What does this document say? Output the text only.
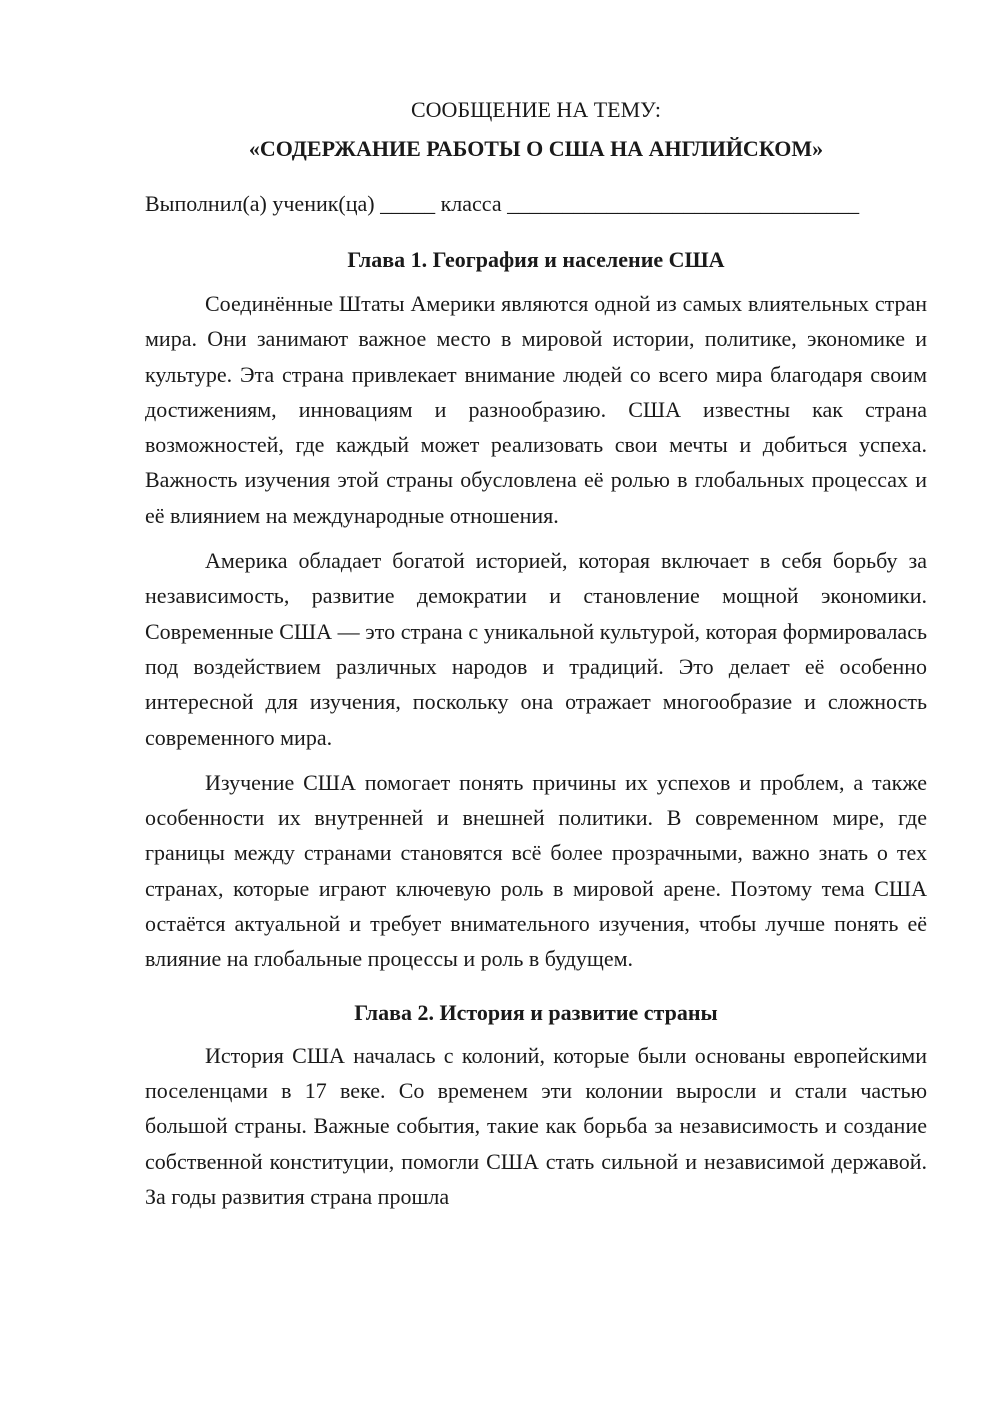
СООБЩЕНИЕ НА ТЕМУ:

«СОДЕРЖАНИЕ РАБОТЫ О США НА АНГЛИЙСКОМ»

Выполнил(а) ученик(ца) _____ класса ________________________________
Глава 1. География и население США

Соединённые Штаты Америки являются одной из самых влиятельных стран мира. Они занимают важное место в мировой истории, политике, экономике и культуре. Эта страна привлекает внимание людей со всего мира благодаря своим достижениям, инновациям и разнообразию. США известны как страна возможностей, где каждый может реализовать свои мечты и добиться успеха. Важность изучения этой страны обусловлена её ролью в глобальных процессах и её влиянием на международные отношения.

Америка обладает богатой историей, которая включает в себя борьбу за независимость, развитие демократии и становление мощной экономики. Современные США — это страна с уникальной культурой, которая формировалась под воздействием различных народов и традиций. Это делает её особенно интересной для изучения, поскольку она отражает многообразие и сложность современного мира.

Изучение США помогает понять причины их успехов и проблем, а также особенности их внутренней и внешней политики. В современном мире, где границы между странами становятся всё более прозрачными, важно знать о тех странах, которые играют ключевую роль в мировой арене. Поэтому тема США остаётся актуальной и требует внимательного изучения, чтобы лучше понять её влияние на глобальные процессы и роль в будущем.

Глава 2. История и развитие страны

История США началась с колоний, которые были основаны европейскими поселенцами в 17 веке. Со временем эти колонии выросли и стали частью большой страны. Важные события, такие как борьба за независимость и создание собственной конституции, помогли США стать сильной и независимой державой. За годы развития страна прошла
